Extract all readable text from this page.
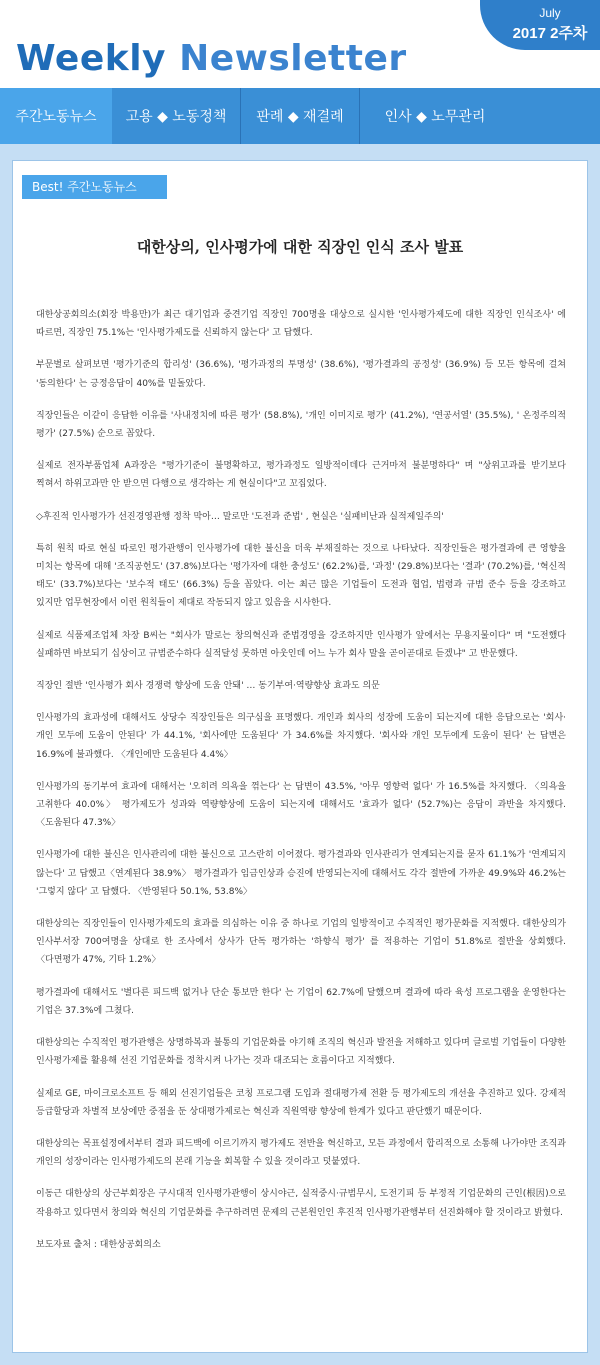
Weekly Newsletter
July
2017 2주차
주간노동뉴스	고용 ◆ 노동정책	판례 ◆ 재결례	인사 ◆ 노무관리
Best! 주간노동뉴스
대한상의, 인사평가에 대한 직장인 인식 조사 발표

대한상공회의소(회장 박용만)가 최근 대기업과 중견기업 직장인 700명을 대상으로 실시한 '인사평가제도에 대한 직장인 인식조사' 에 따르면, 직장인 75.1%는 '인사평가제도를 신뢰하지 않는다' 고 답했다.

부문별로 살펴보면 '평가기준의 합리성' (36.6%), '평가과정의 투명성' (38.6%), '평가결과의 공정성' (36.9%) 등 모든 항목에 걸쳐 '동의한다' 는 긍정응답이 40%를 밑돌았다.

직장인들은 이같이 응답한 이유를 '사내정치에 따른 평가' (58.8%), '개인 이미지로 평가' (41.2%), '연공서열' (35.5%), ' 온정주의적 평가' (27.5%) 순으로 꼽았다.

실제로 전자부품업체 A과장은 "평가기준이 불명확하고, 평가과정도 일방적이데다 근거마저 불분명하다" 며 "상위고과를 받기보다 찍혀서 하위고과만 안 받으면 다행으로 생각하는 게 현실이다"고 꼬집었다.

◇후진적 인사평가가 선진경영관행 정착 막아… 말로만 '도전과 준법' , 현실은 '실패비난과 실적제일주의'

특히 원칙 따로 현실 따로인 평가관행이 인사평가에 대한 불신을 더욱 부채질하는 것으로 나타났다. 직장인들은 평가결과에 큰 영향을 미치는 항목에 대해 '조직공헌도' (37.8%)보다는 '평가자에 대한 충성도' (62.2%)를, '과정' (29.8%)보다는 '결과' (70.2%)를, '혁신적 태도' (33.7%)보다는 '보수적 태도' (66.3%) 등을 꼽았다. 이는 최근 많은 기업들이 도전과 협업, 법령과 규범 준수 등을 강조하고 있지만 업무현장에서 이런 원칙들이 제대로 작동되지 않고 있음을 시사한다.

실제로 식품제조업체 차장 B씨는 "회사가 말로는 창의혁신과 준법경영을 강조하지만 인사평가 앞에서는 무용지물이다" 며 "도전했다 실패하면 바보되기 십상이고 규범준수하다 실적달성 못하면 아웃인데 어느 누가 회사 말을 곧이곧대로 듣겠냐" 고 반문했다.

직장인 절반 '인사평가 회사 경쟁력 향상에 도움 안돼' … 동기부여·역량향상 효과도 의문

인사평가의 효과성에 대해서도 상당수 직장인들은 의구심을 표명했다. 개인과 회사의 성장에 도움이 되는지에 대한 응답으로는 '회사·개인 모두에 도움이 안된다' 가 44.1%, '회사에만 도움된다' 가 34.6%를 차지했다. '회사와 개인 모두에게 도움이 된다' 는 답변은 16.9%에 불과했다. 〈개인에만 도움된다 4.4%〉

인사평가의 동기부여 효과에 대해서는 '오히려 의욕을 꺾는다' 는 답변이 43.5%, '아무 영향력 없다' 가 16.5%를 차지했다. 〈의욕을 고취한다 40.0%〉 평가제도가 성과와 역량향상에 도움이 되는지에 대해서도 '효과가 없다' (52.7%)는 응답이 과반을 차지했다. 〈도움된다 47.3%〉

인사평가에 대한 불신은 인사관리에 대한 불신으로 고스란히 이어졌다. 평가결과와 인사관리가 연계되는지를 묻자 61.1%가 '연계되지 않는다' 고 답했고〈연계된다 38.9%〉 평가결과가 임금인상과 승진에 반영되는지에 대해서도 각각 절반에 가까운 49.9%와 46.2%는 '그렇지 않다' 고 답했다. 〈반영된다 50.1%, 53.8%〉

대한상의는 직장인들이 인사평가제도의 효과를 의심하는 이유 중 하나로 기업의 일방적이고 수직적인 평가문화를 지적했다. 대한상의가 인사부서장 700여명을 상대로 한 조사에서 상사가 단독 평가하는 '하향식 평가' 를 적용하는 기업이 51.8%로 절반을 상회했다. 〈다면평가 47%, 기타 1.2%〉

평가결과에 대해서도 '별다른 피드백 없거나 단순 통보만 한다' 는 기업이 62.7%에 달했으며 결과에 따라 육성 프로그램을 운영한다는 기업은 37.3%에 그쳤다.

대한상의는 수직적인 평가관행은 상명하복과 불통의 기업문화를 야기해 조직의 혁신과 발전을 저해하고 있다며 글로벌 기업들이 다양한 인사평가제를 활용해 선진 기업문화를 정착시켜 나가는 것과 대조되는 흐름이다고 지적했다.

실제로 GE, 마이크로소프트 등 해외 선진기업들은 코칭 프로그램 도입과 절대평가제 전환 등 평가제도의 개선을 추진하고 있다. 강제적 등급할당과 차별적 보상에만 중점을 둔 상대평가제로는 혁신과 직원역량 향상에 한계가 있다고 판단했기 때문이다.

대한상의는 목표설정에서부터 결과 피드백에 이르기까지 평가제도 전반을 혁신하고, 모든 과정에서 합리적으로 소통해 나가야만 조직과 개인의 성장이라는 인사평가제도의 본래 기능을 회복할 수 있을 것이라고 덧붙였다.

이동근 대한상의 상근부회장은 구시대적 인사평가관행이 상시야근, 실적중시·규범무시, 도전기피 등 부정적 기업문화의 근인(根因)으로 작용하고 있다면서 창의와 혁신의 기업문화를 추구하려면 문제의 근본원인인 후진적 인사평가관행부터 선진화해야 할 것이라고 밝혔다.

보도자료 출처 : 대한상공회의소
